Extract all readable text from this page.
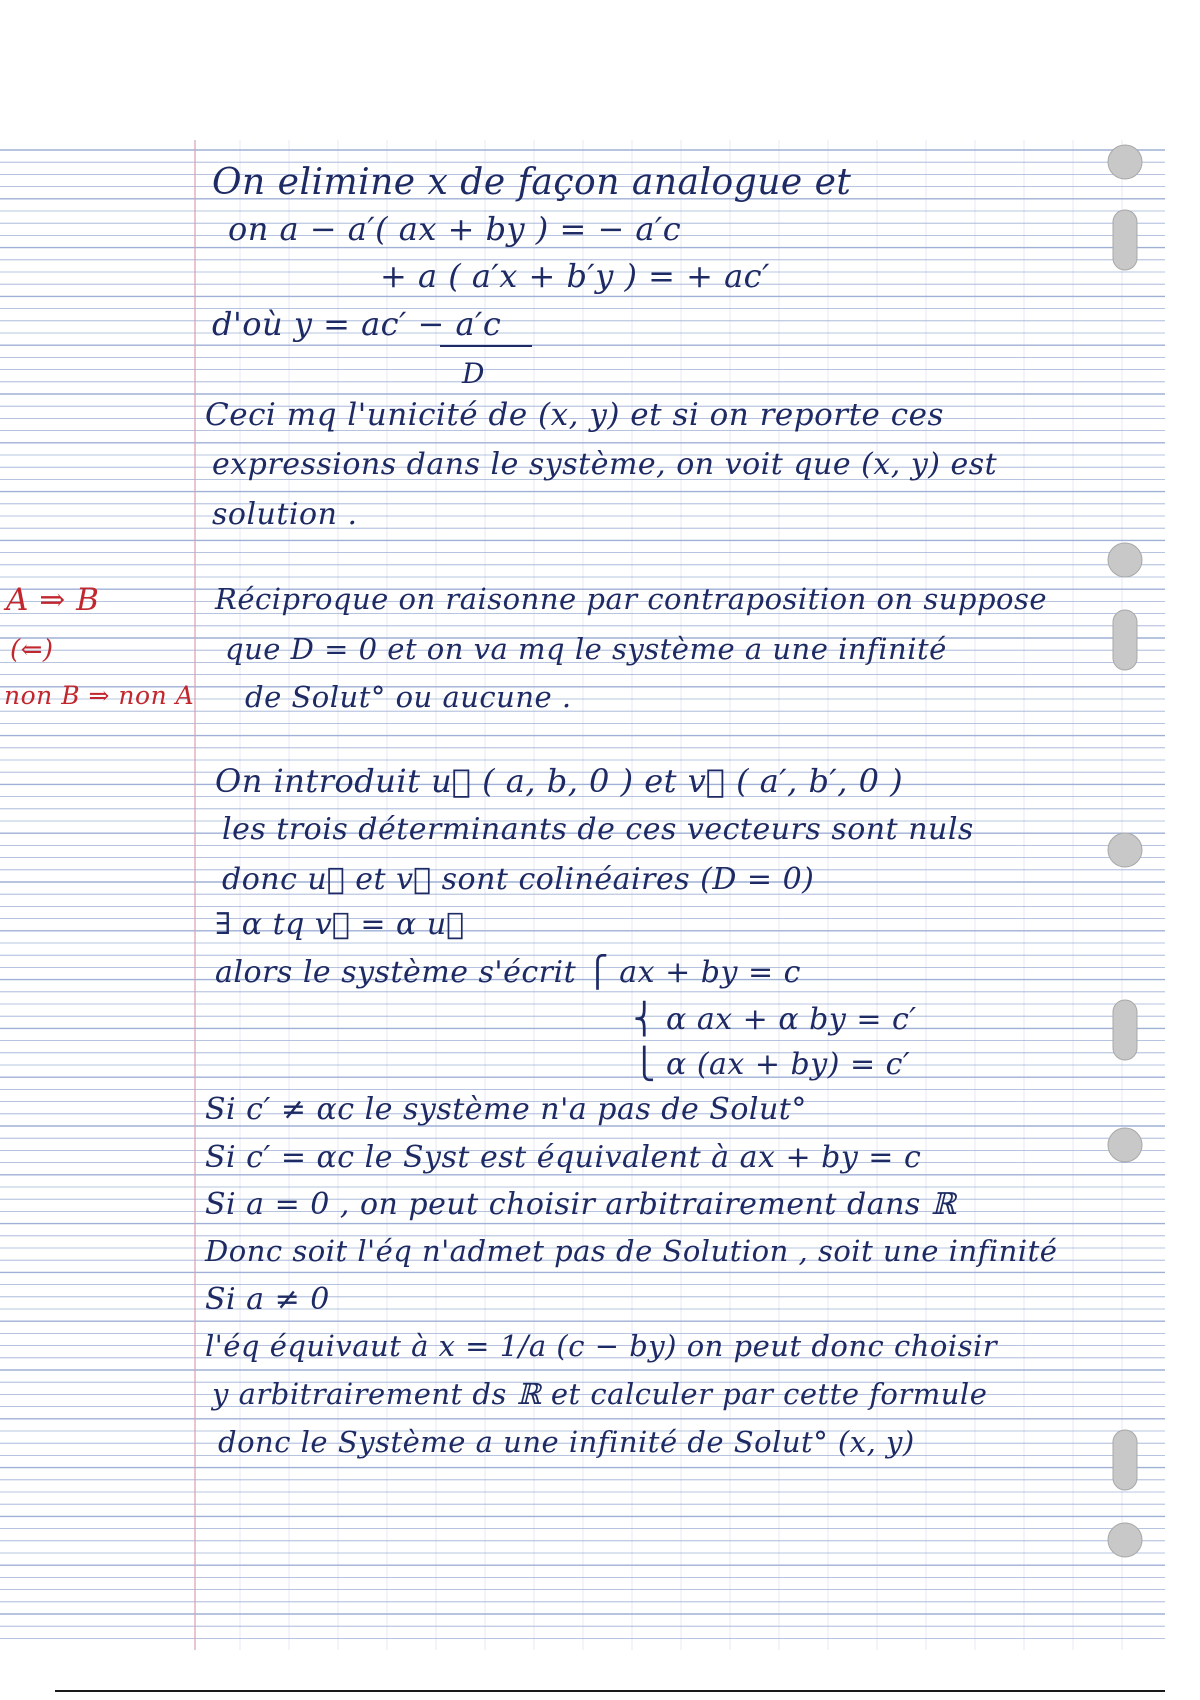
On elimine x de façon analogue et
on a − a′( ax + by ) = − a′c
+ a ( a′x + b′y ) = + ac′
d'où y = ac′ − a′c
D
Ceci mq l'unicité de (x, y) et si on reporte ces
expressions dans le système, on voit que (x, y) est
solution .
Réciproque on raisonne par contraposition on suppose
que D = 0 et on va mq le système a une infinité
de Solut° ou aucune .
On introduit u⃗ ( a, b, 0 ) et v⃗ ( a′, b′, 0 )
les trois déterminants de ces vecteurs sont nuls
donc u⃗ et v⃗ sont colinéaires (D = 0)
∃ α tq v⃗ = α u⃗
alors le système s'écrit ⎧ ax + by = c
⎨ α ax + α by = c′
⎩ α (ax + by) = c′
Si c′ ≠ αc le système n'a pas de Solut°
Si c′ = αc le Syst est équivalent à ax + by = c
Si a = 0 , on peut choisir arbitrairement dans ℝ
Donc soit l'éq n'admet pas de Solution , soit une infinité
Si a ≠ 0
l'éq équivaut à x = 1/a (c − by) on peut donc choisir
y arbitrairement ds ℝ et calculer par cette formule
donc le Système a une infinité de Solut° (x, y)
A ⇒ B
(⇐)
non B ⇒ non A
